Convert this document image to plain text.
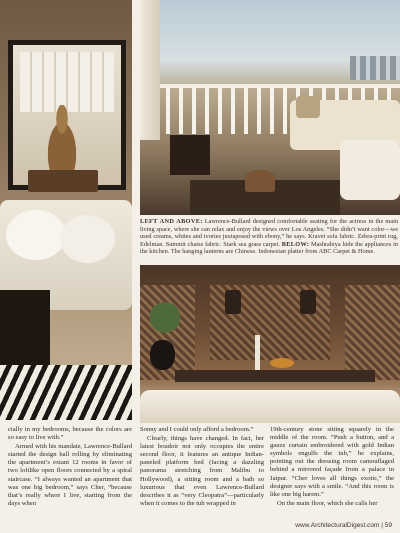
LEFT AND ABOVE: Lawrence-Bullard designed comfortable seating for the actress in the main living space, where she can relax and enjoy the views over Los Angeles. “She didn’t want color—we used creams, whites and ivories juxtaposed with ebony,” he says. Kravet sofa fabric. Zebra-print rug, Edelman. Summit chaise fabric. Stark sea grass carpet. BELOW: Mashrabiya hide the appliances in the kitchen. The hanging lanterns are Chinese. Indonesian platter from ABC Carpet & Home.

cially in my bedrooms, because the colors are so easy to live with.”

Armed with his mandate, Lawrence-Bullard started the design ball rolling by eliminating the apartment’s extant 12 rooms in favor of two loftlike open floors connected by a spiral staircase. “I always wanted an apartment that was one big bedroom,” says Cher, “because that’s really where I live, starting from the days when

Sonny and I could only afford a bedroom.”

Clearly, things have changed. In fact, her latest boudoir not only occupies the entire second floor, it features an antique Indian-paneled platform bed (facing a dazzling panorama stretching from Malibu to Hollywood), a sitting room and a bath so luxurious that even Lawrence-Bullard describes it as “very Cleopatra”—particularly when it comes to the tub wrapped in

19th-century stone sitting squarely in the middle of the room. “Push a button, and a gauze curtain embroidered with gold Indian symbols engulfs the tub,” he explains, pointing out the dressing room camouflaged behind a mirrored façade from a palace in Jaipur. “Cher loves all things exotic,” the designer says with a smile. “And this room is like one big harem.”

On the main floor, which she calls her

www.ArchitecturalDigest.com | 59
